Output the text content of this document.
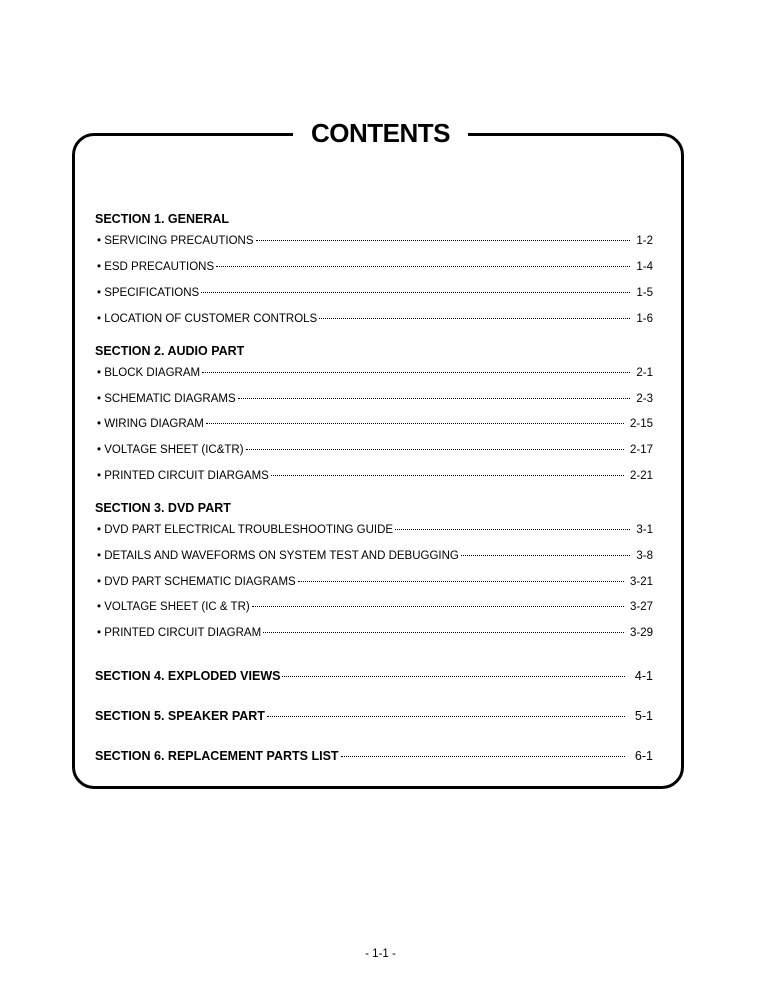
CONTENTS
SECTION 1. GENERAL
• SERVICING PRECAUTIONS	1-2
• ESD PRECAUTIONS	1-4
• SPECIFICATIONS	1-5
• LOCATION OF CUSTOMER CONTROLS	1-6
SECTION 2. AUDIO PART
• BLOCK DIAGRAM	2-1
• SCHEMATIC DIAGRAMS	2-3
• WIRING DIAGRAM	2-15
• VOLTAGE SHEET (IC&TR)	2-17
• PRINTED CIRCUIT DIARGAMS	2-21
SECTION 3. DVD PART
• DVD PART ELECTRICAL TROUBLESHOOTING GUIDE	3-1
• DETAILS AND WAVEFORMS ON SYSTEM TEST AND DEBUGGING	3-8
• DVD PART SCHEMATIC DIAGRAMS	3-21
• VOLTAGE SHEET (IC & TR)	3-27
• PRINTED CIRCUIT DIAGRAM	3-29
SECTION 4. EXPLODED VIEWS	4-1
SECTION 5. SPEAKER PART	5-1
SECTION 6. REPLACEMENT PARTS LIST	6-1
- 1-1 -
